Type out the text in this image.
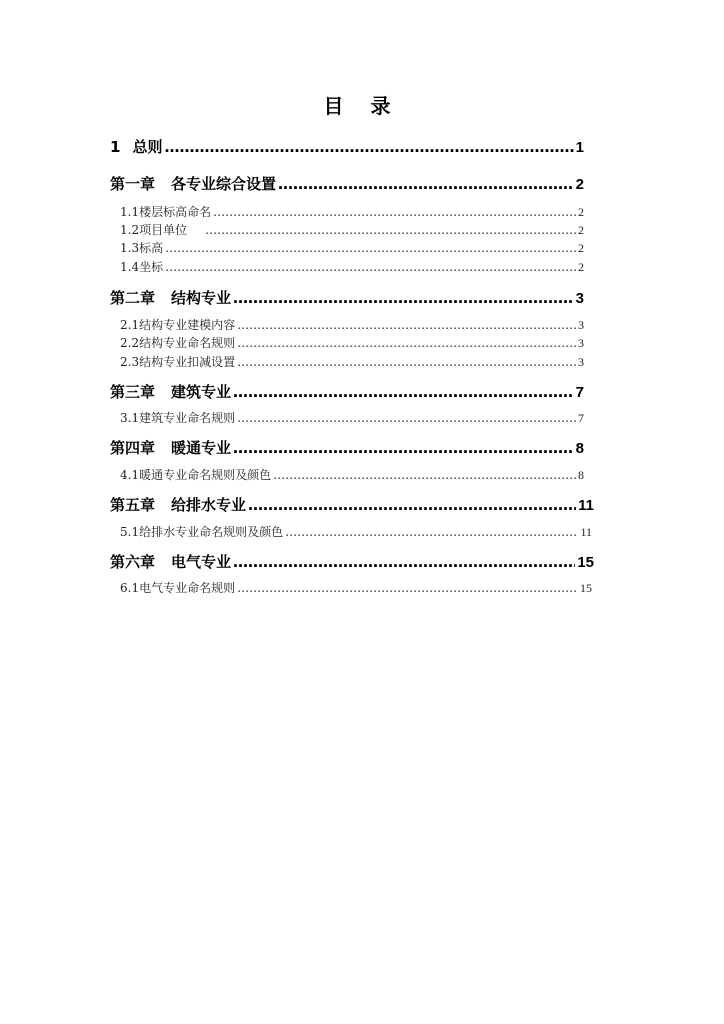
目 录
1 总则 …………………………………………………………………………………………………………………………………………………………………………………………………………………………	1
第一章 各专业综合设置 …………………………………………………………………………………………………………………………………………………………………………………………………………………………	2
1.1楼层标高命名 …………………………………………………………………………………………………………………………………………………………………………………………………………………………	2
1.2项目单位 …………………………………………………………………………………………………………………………………………………………………………………………………………………………	2
1.3标高 …………………………………………………………………………………………………………………………………………………………………………………………………………………………	2
1.4坐标 …………………………………………………………………………………………………………………………………………………………………………………………………………………………	2
第二章 结构专业 …………………………………………………………………………………………………………………………………………………………………………………………………………………………	3
2.1结构专业建模内容 …………………………………………………………………………………………………………………………………………………………………………………………………………………………	3
2.2结构专业命名规则 …………………………………………………………………………………………………………………………………………………………………………………………………………………………	3
2.3结构专业扣减设置 …………………………………………………………………………………………………………………………………………………………………………………………………………………………	3
第三章 建筑专业 …………………………………………………………………………………………………………………………………………………………………………………………………………………………	7
3.1建筑专业命名规则 …………………………………………………………………………………………………………………………………………………………………………………………………………………………	7
第四章 暖通专业 …………………………………………………………………………………………………………………………………………………………………………………………………………………………	8
4.1暖通专业命名规则及颜色 …………………………………………………………………………………………………………………………………………………………………………………………………………………………	8
第五章 给排水专业 …………………………………………………………………………………………………………………………………………………………………………………………………………………………	11
5.1给排水专业命名规则及颜色 …………………………………………………………………………………………………………………………………………………………………………………………………………………………	11
第六章 电气专业 …………………………………………………………………………………………………………………………………………………………………………………………………………………………	15
6.1电气专业命名规则 …………………………………………………………………………………………………………………………………………………………………………………………………………………………	15
